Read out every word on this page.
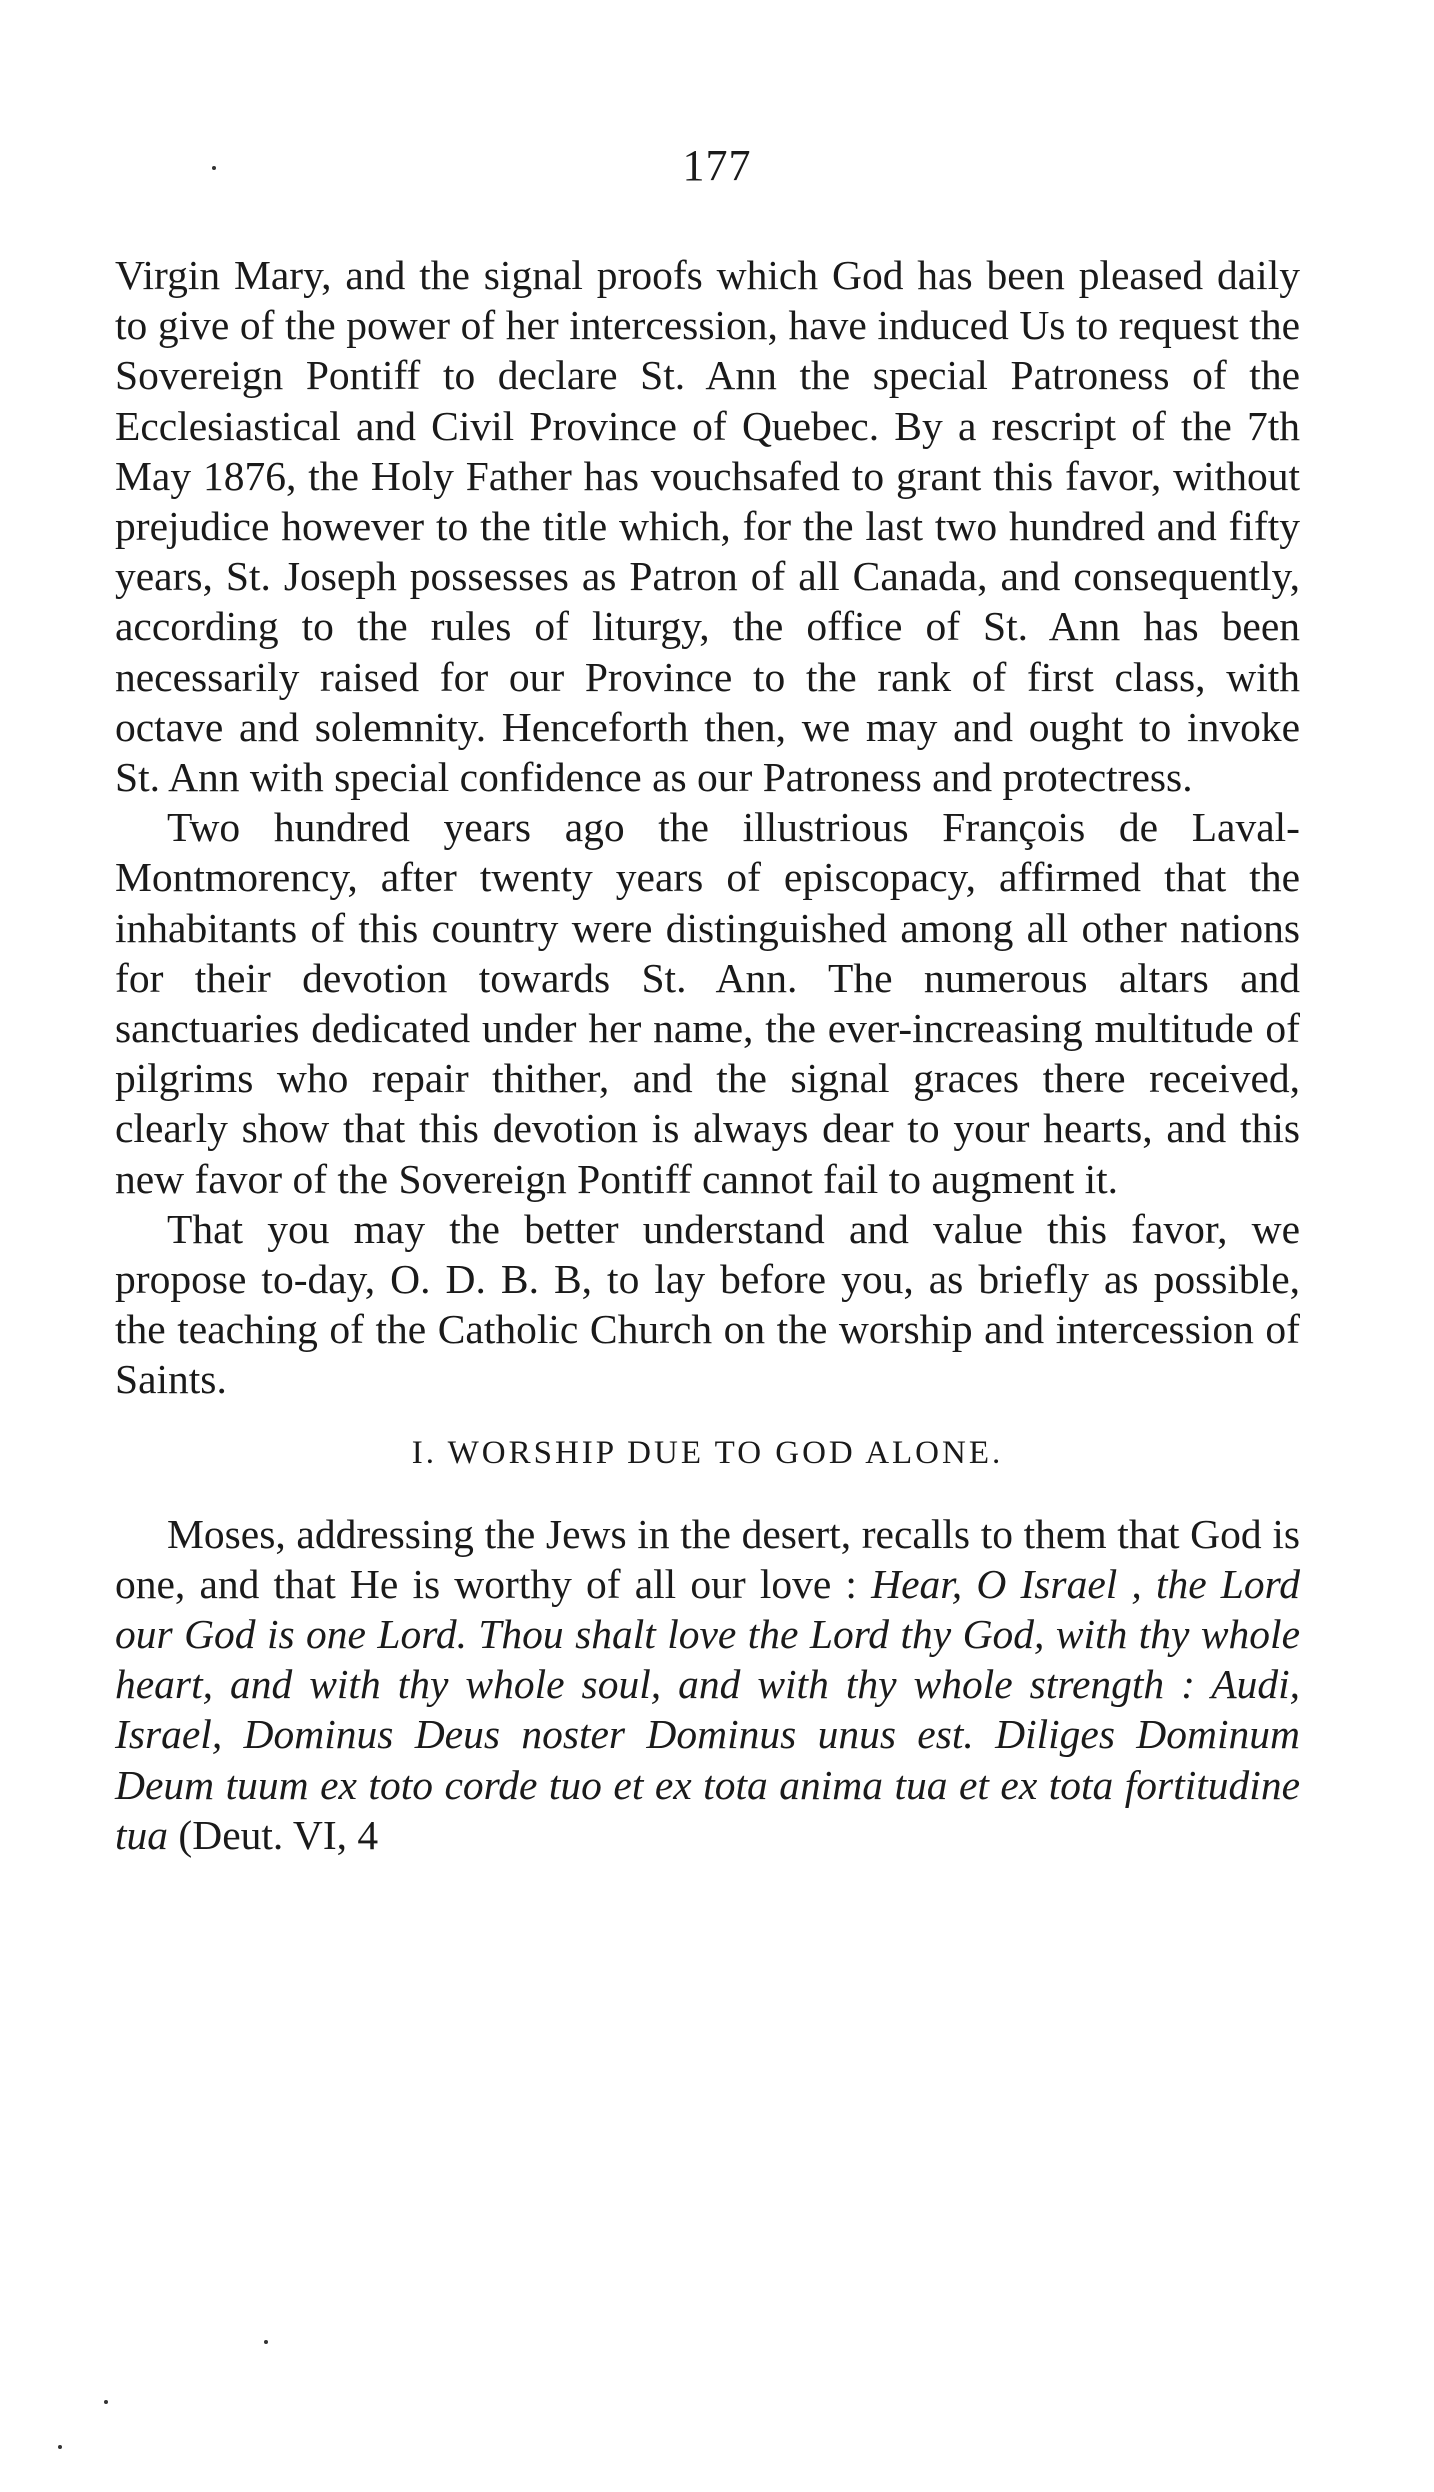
177

Virgin Mary, and the signal proofs which God has been pleased daily to give of the power of her intercession, have induced Us to request the Sovereign Pontiff to declare St. Ann the special Patroness of the Ecclesiastical and Civil Province of Quebec. By a rescript of the 7th May 1876, the Holy Father has vouchsafed to grant this favor, without prejudice however to the title which, for the last two hundred and fifty years, St. Joseph possesses as Patron of all Canada, and consequently, according to the rules of liturgy, the office of St. Ann has been necessarily raised for our Province to the rank of first class, with octave and solemnity. Henceforth then, we may and ought to invoke St. Ann with special confidence as our Patroness and protectress.

Two hundred years ago the illustrious François de Laval-Montmorency, after twenty years of episcopacy, affirmed that the inhabitants of this country were distinguished among all other nations for their devotion towards St. Ann. The numerous altars and sanctuaries dedicated under her name, the ever-increasing multitude of pilgrims who repair thither, and the signal graces there received, clearly show that this devotion is always dear to your hearts, and this new favor of the Sovereign Pontiff cannot fail to augment it.

That you may the better understand and value this favor, we propose to-day, O. D. B. B, to lay before you, as briefly as possible, the teaching of the Catholic Church on the worship and intercession of Saints.

I. WORSHIP DUE TO GOD ALONE.

Moses, addressing the Jews in the desert, recalls to them that God is one, and that He is worthy of all our love : Hear, O Israel , the Lord our God is one Lord. Thou shalt love the Lord thy God, with thy whole heart, and with thy whole soul, and with thy whole strength : Audi, Israel, Dominus Deus noster Dominus unus est. Diliges Dominum Deum tuum ex toto corde tuo et ex tota anima tua et ex tota fortitudine tua (Deut. VI, 4
